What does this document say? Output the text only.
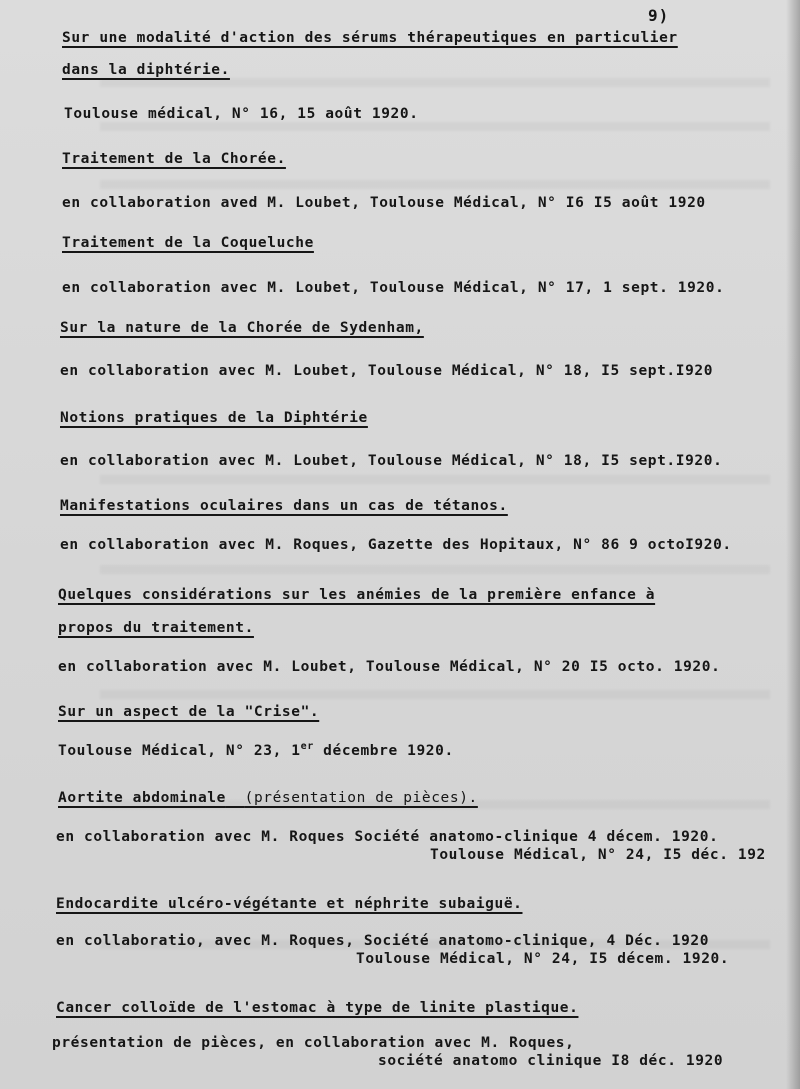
9)
Sur une modalité d'action des sérums thérapeutiques en particulier
dans la diphtérie.
Toulouse médical, N° 16, 15 août 1920.
Traitement de la Chorée.
en collaboration aved M. Loubet, Toulouse Médical, N° I6 I5 août 1920
Traitement de la Coqueluche
en collaboration avec M. Loubet, Toulouse Médical, N° 17, 1 sept. 1920.
Sur la nature de la Chorée de Sydenham,
en collaboration avec M. Loubet, Toulouse Médical, N° 18, I5 sept.I920
Notions pratiques de la Diphtérie
en collaboration avec M. Loubet, Toulouse Médical, N° 18, I5 sept.I920.
Manifestations oculaires dans un cas de tétanos.
en collaboration avec M. Roques, Gazette des Hopitaux, N° 86 9 octoI920.
Quelques considérations sur les anémies de la première enfance à
propos du traitement.
en collaboration avec M. Loubet, Toulouse Médical, N° 20 I5 octo. 1920.
Sur un aspect de la "Crise".
Toulouse Médical, N° 23, 1er décembre 1920.
Aortite abdominale (présentation de pièces).
en collaboration avec M. Roques Société anatomo-clinique 4 décem. 1920.
Toulouse Médical, N° 24, I5 déc. 192
Endocardite ulcéro-végétante et néphrite subaiguë.
en collaboratio, avec M. Roques, Société anatomo-clinique, 4 Déc. 1920
Toulouse Médical, N° 24, I5 décem. 1920.
Cancer colloïde de l'estomac à type de linite plastique.
présentation de pièces, en collaboration avec M. Roques,
société anatomo clinique I8 déc. 1920
